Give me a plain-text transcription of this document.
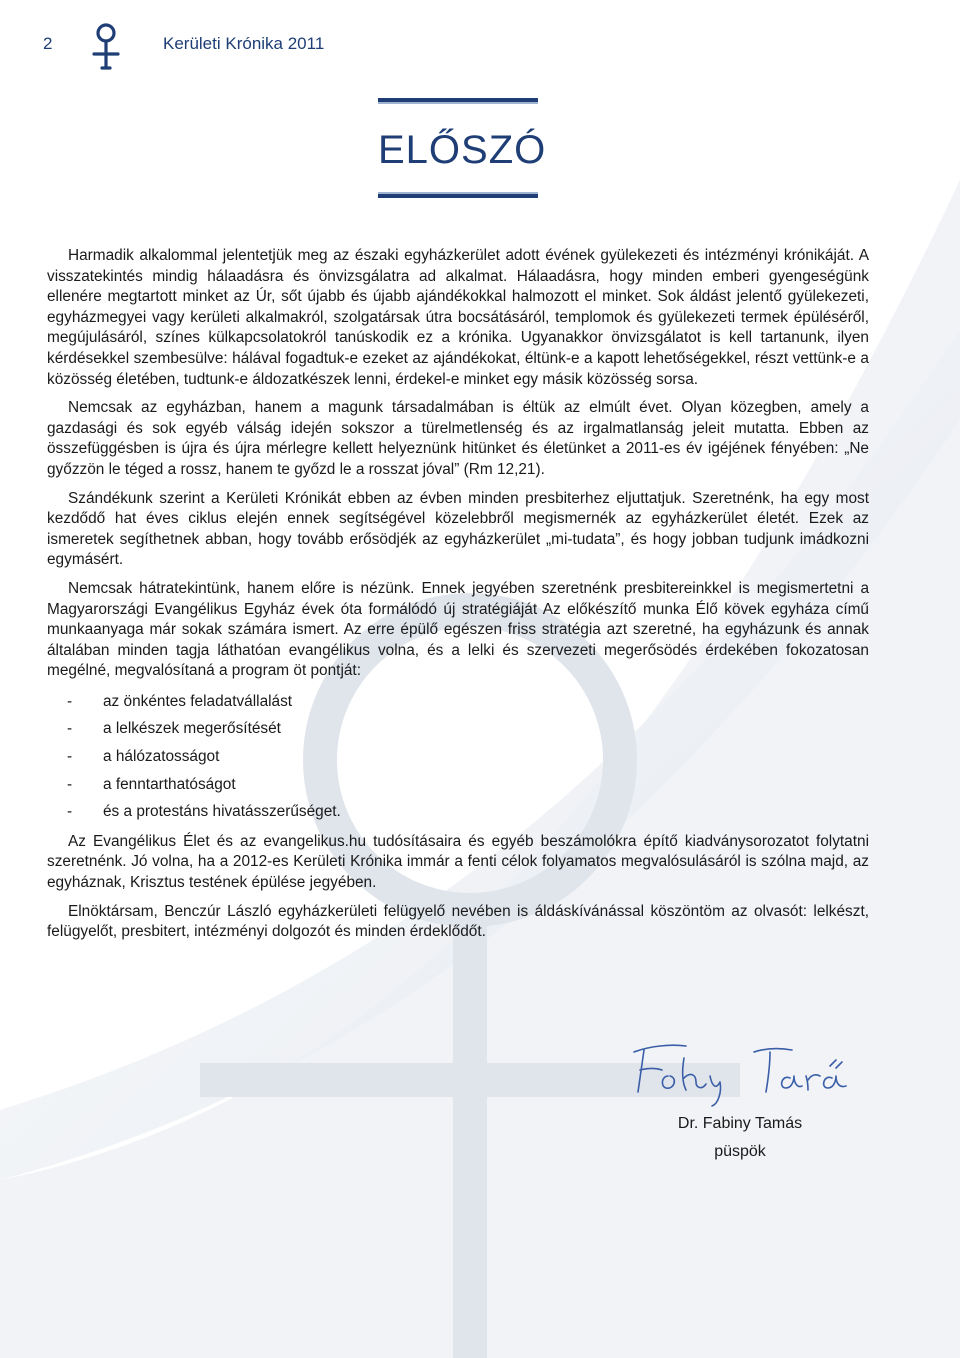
2	Kerületi Krónika 2011
ELŐSZÓ

Harmadik alkalommal jelentetjük meg az északi egyházkerület adott évének gyülekezeti és intézményi krónikáját. A visszatekintés mindig hálaadásra és önvizsgálatra ad alkalmat. Hálaadásra, hogy minden emberi gyengeségünk ellenére megtartott minket az Úr, sőt újabb és újabb ajándékokkal halmozott el minket. Sok áldást jelentő gyülekezeti, egyházmegyei vagy kerületi alkalmakról, szolgatársak útra bocsátásáról, templomok és gyülekezeti termek épüléséről, megújulásáról, színes külkapcsolatokról tanúskodik ez a krónika. Ugyanakkor önvizsgálatot is kell tartanunk, ilyen kérdésekkel szembesülve: hálával fogadtuk-e ezeket az ajándékokat, éltünk-e a kapott lehetőségekkel, részt vettünk-e a közösség életében, tudtunk-e áldozatkészek lenni, érdekel-e minket egy másik közösség sorsa.

Nemcsak az egyházban, hanem a magunk társadalmában is éltük az elmúlt évet. Olyan közegben, amely a gazdasági és sok egyéb válság idején sokszor a türelmetlenség és az irgalmatlanság jeleit mutatta. Ebben az összefüggésben is újra és újra mérlegre kellett helyeznünk hitünket és életünket a 2011-es év igéjének fényében: „Ne győzzön le téged a rossz, hanem te győzd le a rosszat jóval” (Rm 12,21).

Szándékunk szerint a Kerületi Krónikát ebben az évben minden presbiterhez eljuttatjuk. Szeretnénk, ha egy most kezdődő hat éves ciklus elején ennek segítségével közelebbről megismernék az egyházkerület életét. Ezek az ismeretek segíthetnek abban, hogy tovább erősödjék az egyházkerület „mi-tudata”, és hogy jobban tudjunk imádkozni egymásért.

Nemcsak hátratekintünk, hanem előre is nézünk. Ennek jegyében szeretnénk presbitereinkkel is megismertetni a Magyarországi Evangélikus Egyház évek óta formálódó új stratégiáját Az előkészítő munka Élő kövek egyháza című munkaanyaga már sokak számára ismert. Az erre épülő egészen friss stratégia azt szeretné, ha egyházunk és annak általában minden tagja láthatóan evangélikus volna, és a lelki és szervezeti megerősödés érdekében fokozatosan megélné, megvalósítaná a program öt pontját:

- az önkéntes feladatvállalást
- a lelkészek megerősítését
- a hálózatosságot
- a fenntarthatóságot
- és a protestáns hivatásszerűséget.

Az Evangélikus Élet és az evangelikus.hu tudósításaira és egyéb beszámolókra építő kiadványsorozatot folytatni szeretnénk. Jó volna, ha a 2012-es Kerületi Krónika immár a fenti célok folyamatos megvalósulásáról is szólna majd, az egyháznak, Krisztus testének épülése jegyében.

Elnöktársam, Benczúr László egyházkerületi felügyelő nevében is áldáskívánással köszöntöm az olvasót: lelkészt, felügyelőt, presbitert, intézményi dolgozót és minden érdeklődőt.

Dr. Fabiny Tamás
püspök
